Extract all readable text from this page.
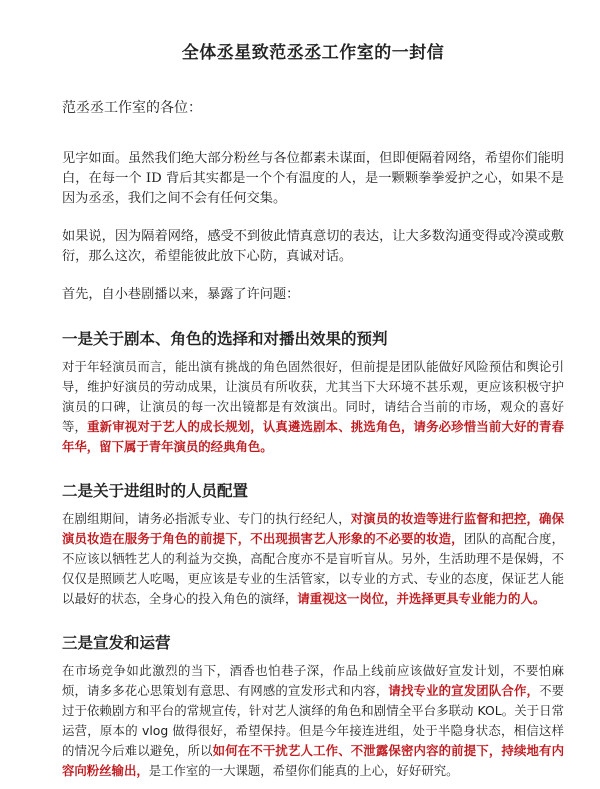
全体丞星致范丞丞工作室的一封信
范丞丞工作室的各位：

见字如面。虽然我们绝大部分粉丝与各位都素未谋面，但即便隔着网络，希望你们能明白，在每一个 ID 背后其实都是一个个有温度的人，是一颗颗拳拳爱护之心，如果不是因为丞丞，我们之间不会有任何交集。

如果说，因为隔着网络，感受不到彼此情真意切的表达，让大多数沟通变得或冷漠或敷衍，那么这次，希望能彼此放下心防，真诚对话。

首先，自小巷剧播以来，暴露了许问题：

一是关于剧本、角色的选择和对播出效果的预判

对于年轻演员而言，能出演有挑战的角色固然很好，但前提是团队能做好风险预估和舆论引导，维护好演员的劳动成果，让演员有所收获，尤其当下大环境不甚乐观，更应该积极守护演员的口碑，让演员的每一次出镜都是有效演出。同时，请结合当前的市场，观众的喜好等，重新审视对于艺人的成长规划，认真遴选剧本、挑选角色，请务必珍惜当前大好的青春年华，留下属于青年演员的经典角色。

二是关于进组时的人员配置

在剧组期间，请务必指派专业、专门的执行经纪人，对演员的妆造等进行监督和把控，确保演员妆造在服务于角色的前提下，不出现损害艺人形象的不必要的妆造，团队的高配合度，不应该以牺牲艺人的利益为交换，高配合度亦不是盲听盲从。另外，生活助理不是保姆，不仅仅是照顾艺人吃喝，更应该是专业的生活管家，以专业的方式、专业的态度，保证艺人能以最好的状态，全身心的投入角色的演绎，请重视这一岗位，并选择更具专业能力的人。

三是宣发和运营

在市场竞争如此激烈的当下，酒香也怕巷子深，作品上线前应该做好宣发计划，不要怕麻烦，请多多花心思策划有意思、有网感的宣发形式和内容，请找专业的宣发团队合作，不要过于依赖剧方和平台的常规宣传，针对艺人演绎的角色和剧情全平台多联动 KOL。关于日常运营，原本的 vlog 做得很好，希望保持。但是今年接连进组，处于半隐身状态，相信这样的情况今后难以避免，所以如何在不干扰艺人工作、不泄露保密内容的前提下，持续地有内容向粉丝输出，是工作室的一大课题，希望你们能真的上心，好好研究。
